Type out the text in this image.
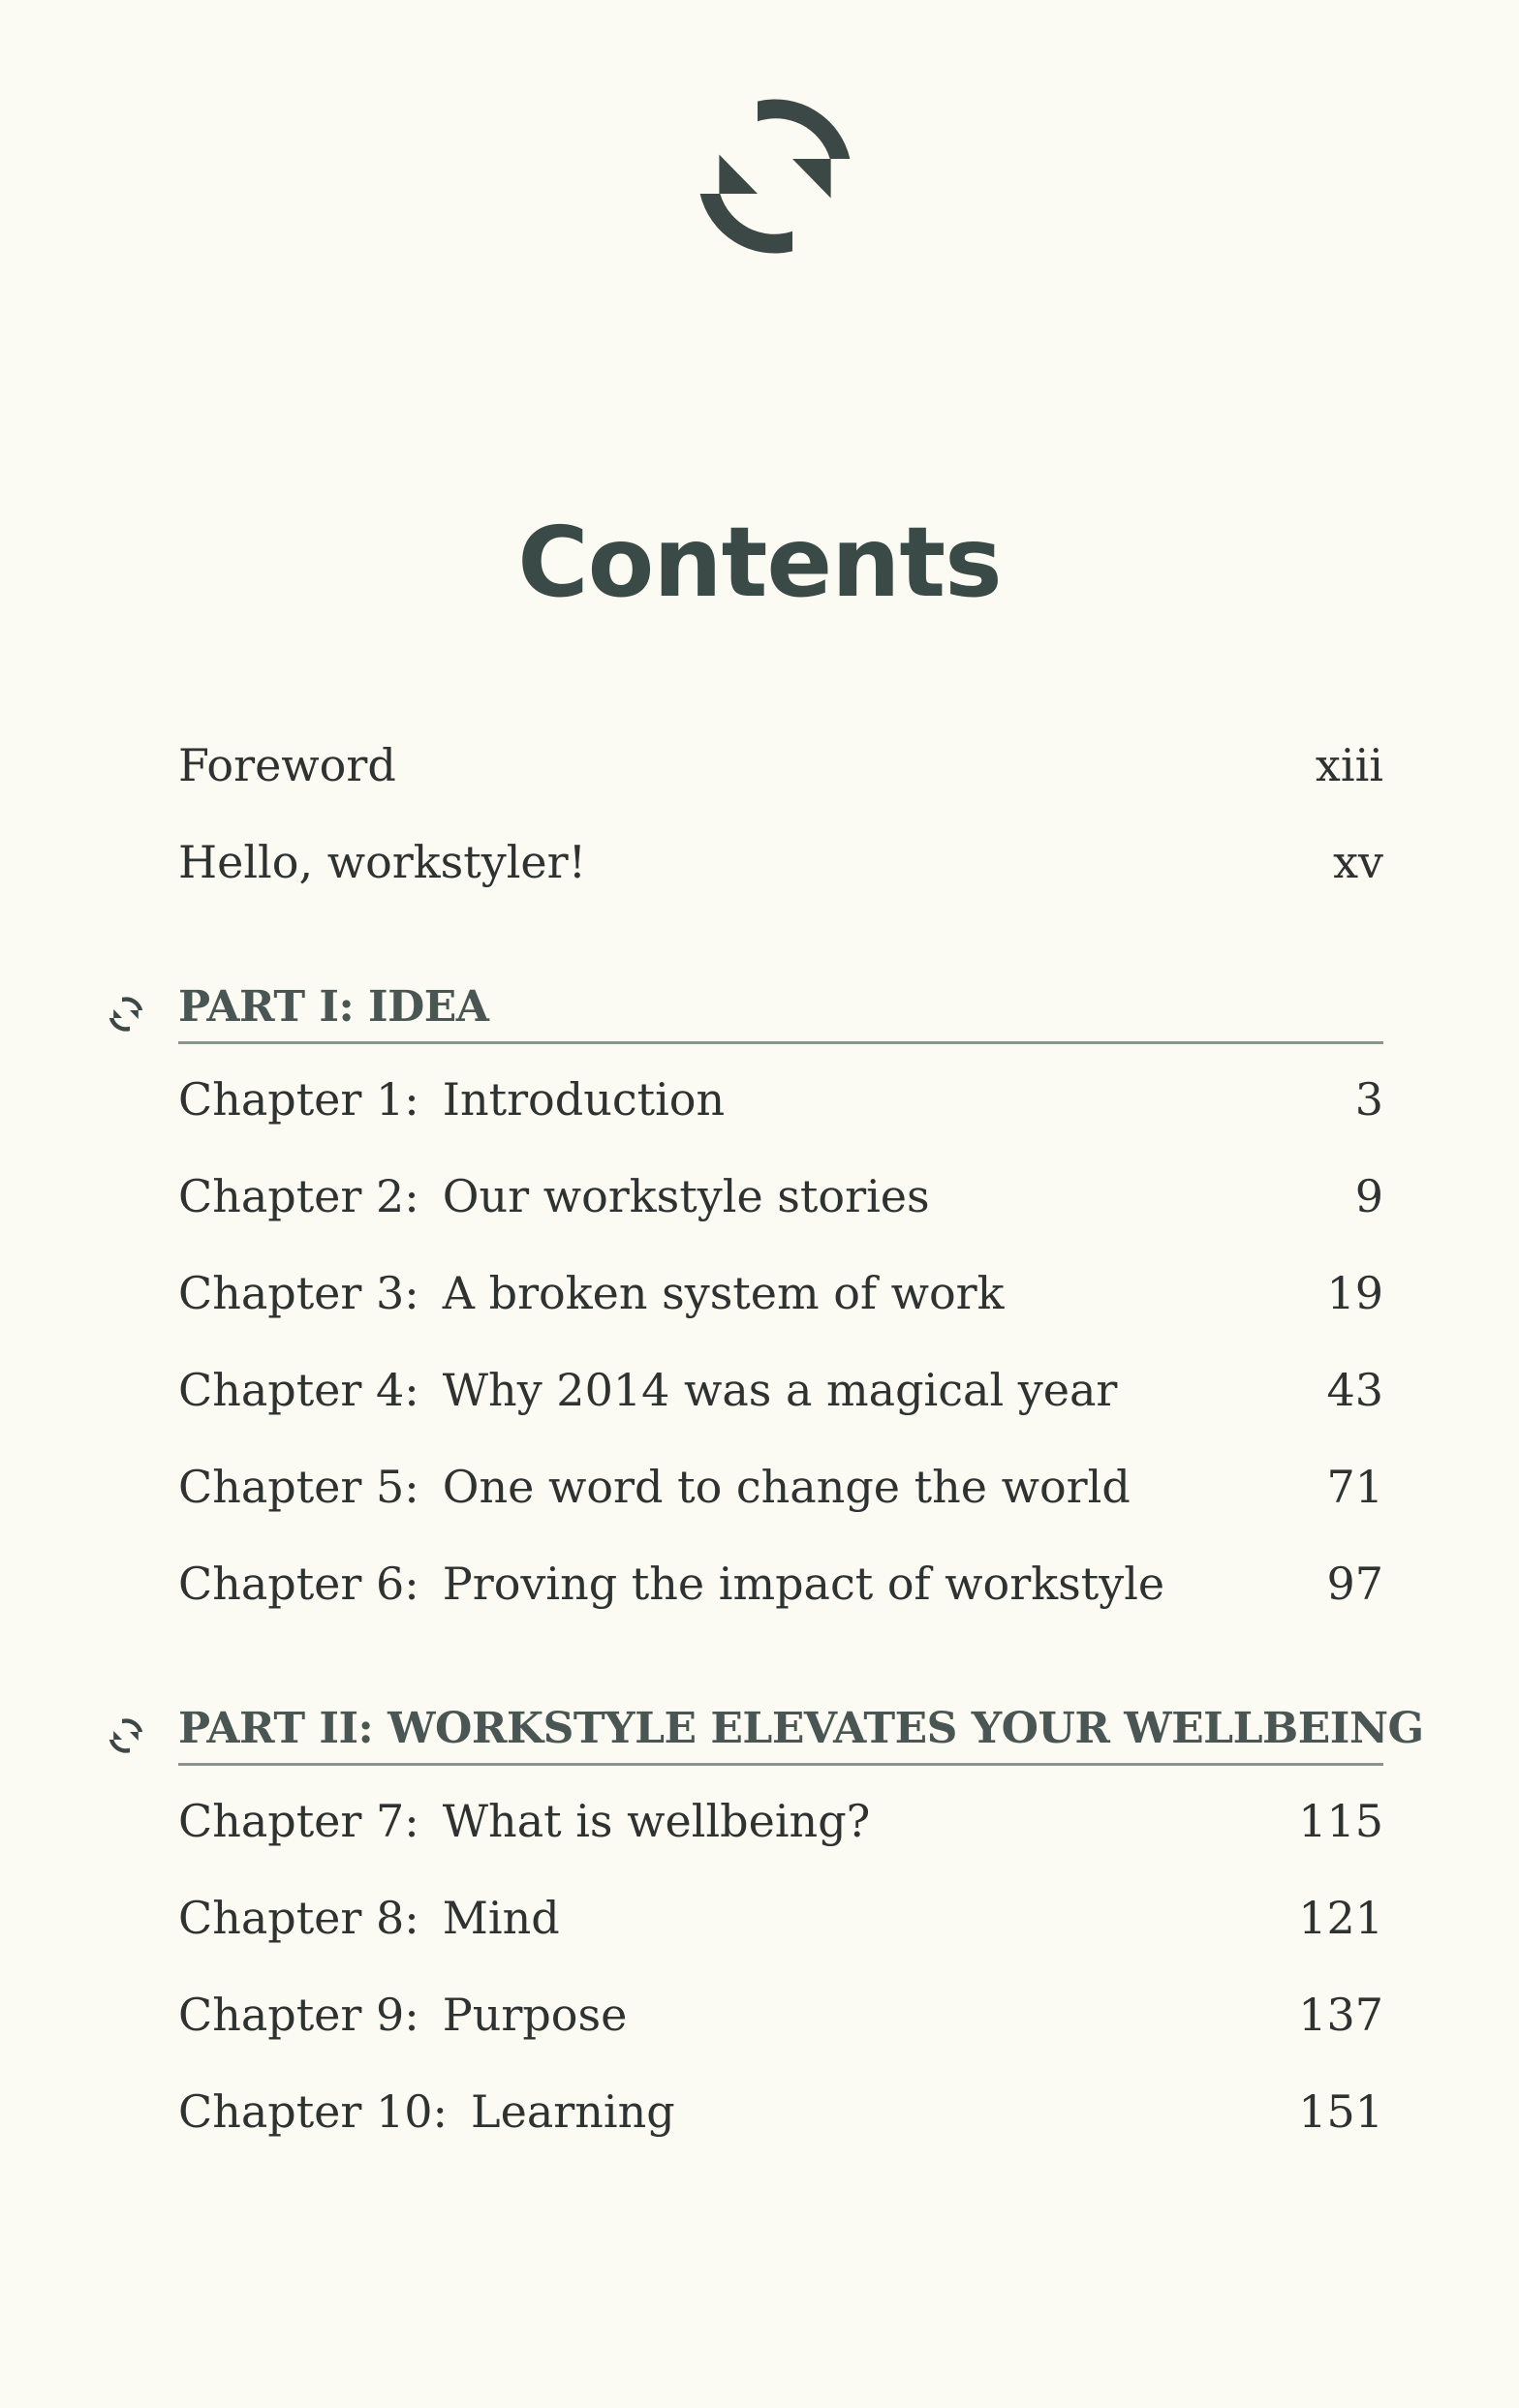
Contents
Foreword	xiii
Hello, workstyler!	xv
PART I: IDEA
Chapter 1: Introduction	3
Chapter 2: Our workstyle stories	9
Chapter 3: A broken system of work	19
Chapter 4: Why 2014 was a magical year	43
Chapter 5: One word to change the world	71
Chapter 6: Proving the impact of workstyle	97
PART II: WORKSTYLE ELEVATES YOUR WELLBEING
Chapter 7: What is wellbeing?	115
Chapter 8: Mind	121
Chapter 9: Purpose	137
Chapter 10: Learning	151
